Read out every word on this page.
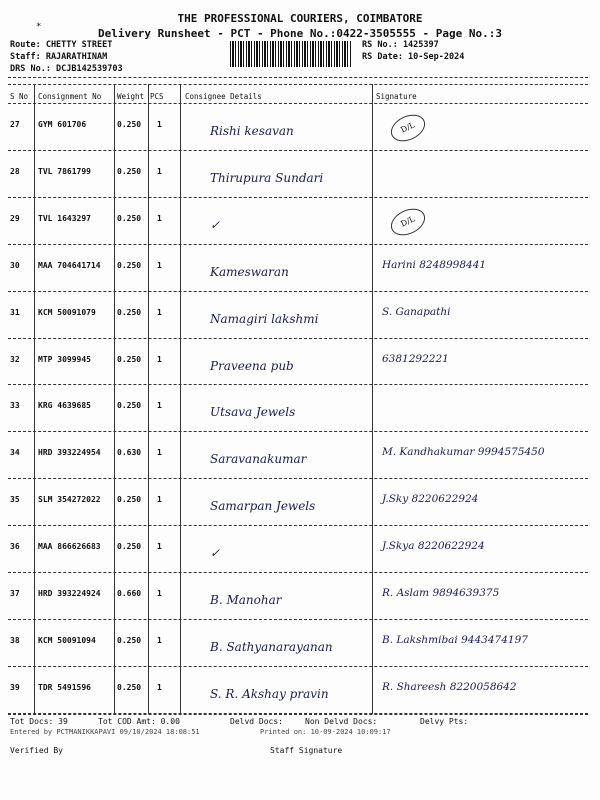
*
THE PROFESSIONAL COURIERS, COIMBATORE
Delivery Runsheet - PCT - Phone No.:0422-3505555 - Page No.:3
Route: CHETTY STREET
Staff: RAJARATHINAM
DRS No.: DCJB142539703
RS No.: 1425397
RS Date: 10-Sep-2024
S No Consignment No Weight PCS	Consignee Details	Signature
27 GYM 601706	0.250 1	Rishi kesavan	D/L
28 TVL 7861799	0.250 1	Thirupura Sundari
29 TVL 1643297	0.250 1	✓	D/L
30 MAA 704641714 0.250 1	Kameswaran	Harini 8248998441
31 KCM 50091079	0.250 1	Namagiri lakshmi	S. Ganapathi
32 MTP 3099945	0.250 1	Praveena pub	6381292221
33 KRG 4639685	0.250 1	Utsava Jewels
34 HRD 393224954 0.630 1	Saravanakumar	M. Kandhakumar 9994575450
35 SLM 354272022 0.250 1	Samarpan Jewels	J.Sky 8220622924
36 MAA 866626683 0.250 1	✓	J.Skya 8220622924
37 HRD 393224924 0.660 1	B. Manohar	R. Aslam 9894639375
38 KCM 50091094	0.250 1	B. Sathyanarayanan	B. Lakshmibai 9443474197
39 TDR 5491596	0.250 1	S. R. Akshay pravin	R. Shareesh 8220058642
Tot Docs: 39	Tot COD Amt: 0.00	Delvd Docs:	Non Delvd Docs:	Delvy Pts:
Entered by PCTMANIKKAPAVI 09/10/2024 18:08:51	Printed on: 10-09-2024 10:09:17
Verified By	Staff Signature
